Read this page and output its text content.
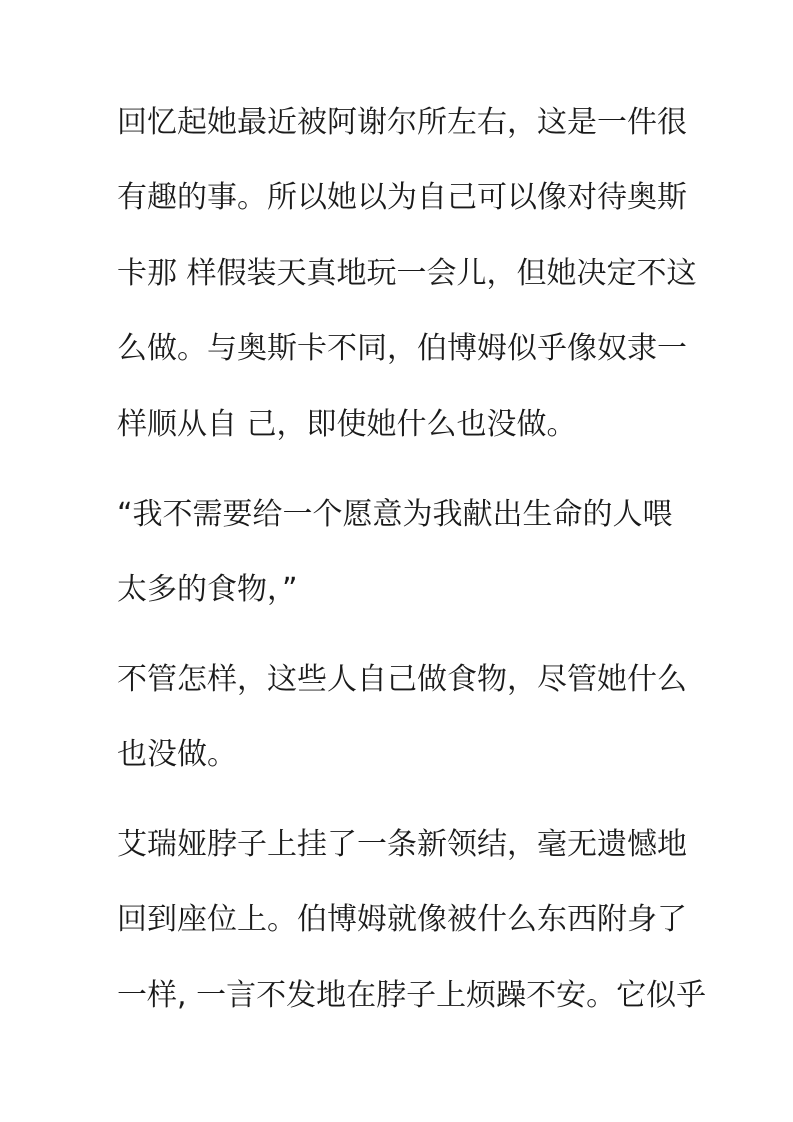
回忆起她最近被阿谢尔所左右，这是一件很

有趣的事。所以她以为自己可以像对待奥斯

卡那 样假装天真地玩一会儿，但她决定不这

么做。与奥斯卡不同，伯博姆似乎像奴隶一

样顺从自 己，即使她什么也没做。

“我不需要给一个愿意为我献出生命的人喂

太多的食物，”

不管怎样，这些人自己做食物，尽管她什么

也没做。

艾瑞娅脖子上挂了一条新领结，毫无遗憾地

回到座位上。伯博姆就像被什么东西附身了

一样, 一言不发地在脖子上烦躁不安。它似乎
